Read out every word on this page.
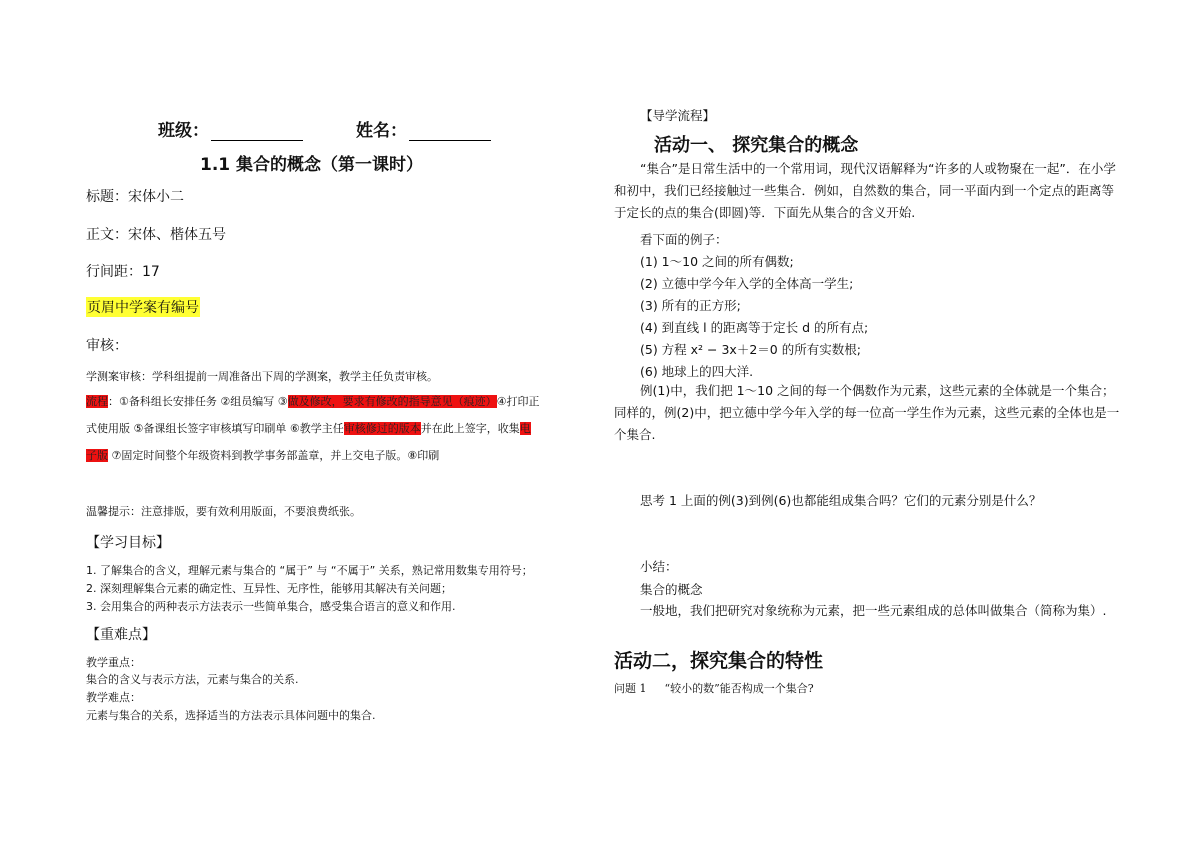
班级：	姓名：
1.1 集合的概念（第一课时）
标题：宋体小二
正文：宋体、楷体五号
行间距：17
页眉中学案有编号
审核：
学测案审核：学科组提前一周准备出下周的学测案，教学主任负责审核。
流程：①备科组长安排任务 ②组员编写 ③做及修改，要求有修改的指导意见（痕迹）④打印正
式使用版 ⑤备课组长签字审核填写印刷单 ⑥教学主任审核修过的版本并在此上签字，收集电
子版 ⑦固定时间整个年级资料到教学事务部盖章，并上交电子版。⑧印刷
温馨提示：注意排版，要有效利用版面，不要浪费纸张。
【学习目标】
1. 了解集合的含义，理解元素与集合的 “属于” 与 “不属于” 关系，熟记常用数集专用符号；
2. 深刻理解集合元素的确定性、互异性、无序性，能够用其解决有关问题；
3. 会用集合的两种表示方法表示一些简单集合，感受集合语言的意义和作用.
【重难点】
教学重点：
集合的含义与表示方法，元素与集合的关系.
教学难点：
元素与集合的关系，选择适当的方法表示具体问题中的集合.
【导学流程】
活动一、 探究集合的概念
“集合”是日常生活中的一个常用词，现代汉语解释为“许多的人或物聚在一起”．在小学和初中，我们已经接触过一些集合．例如，自然数的集合，同一平面内到一个定点的距离等于定长的点的集合(即圆)等．下面先从集合的含义开始.
看下面的例子：
(1) 1～10 之间的所有偶数;
(2) 立德中学今年入学的全体高一学生;
(3) 所有的正方形;
(4) 到直线 l 的距离等于定长 d 的所有点;
(5) 方程 x² − 3x＋2＝0 的所有实数根;
(6) 地球上的四大洋.
例(1)中，我们把 1～10 之间的每一个偶数作为元素，这些元素的全体就是一个集合；同样的，例(2)中，把立德中学今年入学的每一位高一学生作为元素，这些元素的全体也是一个集合.
思考 1 上面的例(3)到例(6)也都能组成集合吗？它们的元素分别是什么？
小结：
集合的概念
一般地，我们把研究对象统称为元素，把一些元素组成的总体叫做集合（简称为集）.
活动二，探究集合的特性
问题 1 “较小的数”能否构成一个集合?
